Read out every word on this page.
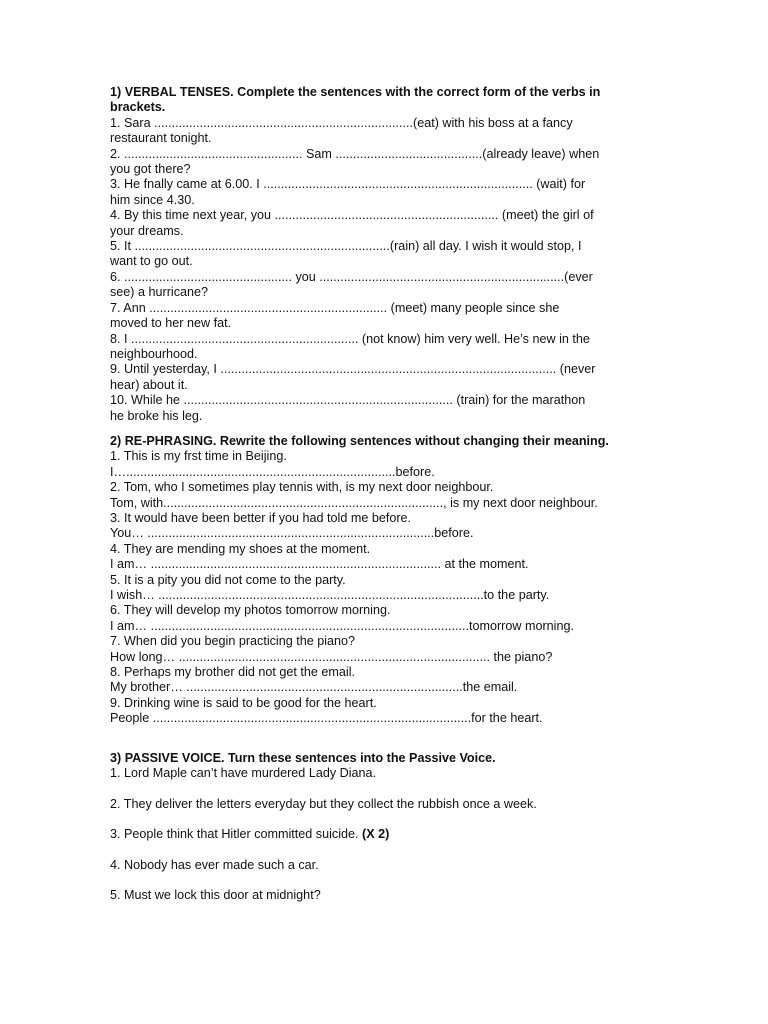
1) VERBAL TENSES. Complete the sentences with the correct form of the verbs in brackets.

1. Sara ..........................................................................(eat) with his boss at a fancy

restaurant tonight.

2. ................................................... Sam ..........................................(already leave) when

you got there?

3. He fnally came at 6.00. I ............................................................................. (wait) for

him since 4.30.

4. By this time next year, you ................................................................ (meet) the girl of

your dreams.

5. It .........................................................................(rain) all day. I wish it would stop, I

want to go out.

6. ................................................ you ......................................................................(ever

see) a hurricane?

7. Ann .................................................................... (meet) many people since she

moved to her new fat.

8. I ................................................................. (not know) him very well. He’s new in the

neighbourhood.

9. Until yesterday, I ................................................................................................ (never

hear) about it.

10. While he ............................................................................. (train) for the marathon

he broke his leg.

2) RE-PHRASING. Rewrite the following sentences without changing their meaning.

1. This is my frst time in Beijing.

I….............................................................................before.

2. Tom, who I sometimes play tennis with, is my next door neighbour.

Tom, with................................................................................, is my next door neighbour.

3. It would have been better if you had told me before.

You… ..................................................................................before.

4. They are mending my shoes at the moment.

I am… ................................................................................... at the moment.

5. It is a pity you did not come to the party.

I wish… .............................................................................................to the party.

6. They will develop my photos tomorrow morning.

I am… ...........................................................................................tomorrow morning.

7. When did you begin practicing the piano?

How long… ......................................................................................... the piano?

8. Perhaps my brother did not get the email.

My brother… ...............................................................................the email.

9. Drinking wine is said to be good for the heart.

People ...........................................................................................for the heart.

3) PASSIVE VOICE. Turn these sentences into the Passive Voice.

1. Lord Maple can’t have murdered Lady Diana.

2. They deliver the letters everyday but they collect the rubbish once a week.

3. People think that Hitler committed suicide. (X 2)

4. Nobody has ever made such a car.

5. Must we lock this door at midnight?
